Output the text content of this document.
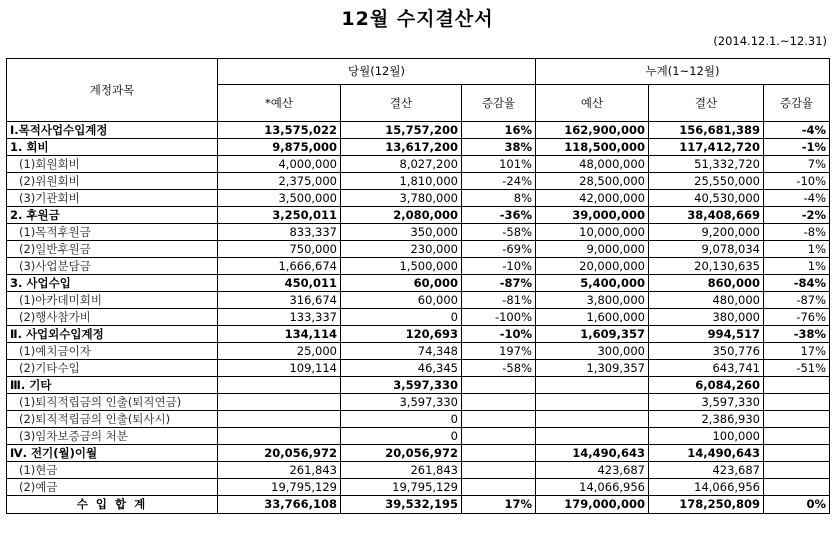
12월 수지결산서
(2014.12.1.~12.31)
계정과목	당월(12월)			누계(1~12월)		
	*예산	결산	증감율	예산	결산	증감율
Ⅰ.목적사업수입계정	13,575,022	15,757,200	16%	162,900,000	156,681,389	-4%
1. 회비	9,875,000	13,617,200	38%	118,500,000	117,412,720	-1%
(1)회원회비	4,000,000	8,027,200	101%	48,000,000	51,332,720	7%
(2)위원회비	2,375,000	1,810,000	-24%	28,500,000	25,550,000	-10%
(3)기관회비	3,500,000	3,780,000	8%	42,000,000	40,530,000	-4%
2. 후원금	3,250,011	2,080,000	-36%	39,000,000	38,408,669	-2%
(1)목적후원금	833,337	350,000	-58%	10,000,000	9,200,000	-8%
(2)일반후원금	750,000	230,000	-69%	9,000,000	9,078,034	1%
(3)사업분담금	1,666,674	1,500,000	-10%	20,000,000	20,130,635	1%
3. 사업수입	450,011	60,000	-87%	5,400,000	860,000	-84%
(1)아카데미회비	316,674	60,000	-81%	3,800,000	480,000	-87%
(2)행사참가비	133,337	0	-100%	1,600,000	380,000	-76%
Ⅱ. 사업외수입계정	134,114	120,693	-10%	1,609,357	994,517	-38%
(1)예치금이자	25,000	74,348	197%	300,000	350,776	17%
(2)기타수입	109,114	46,345	-58%	1,309,357	643,741	-51%
Ⅲ. 기타		3,597,330			6,084,260	
(1)퇴직적립금의 인출(퇴직연금)		3,597,330			3,597,330	
(2)퇴직적립금의 인출(퇴사시)		0			2,386,930	
(3)임차보증금의 처분		0			100,000	
Ⅳ. 전기(월)이월	20,056,972	20,056,972		14,490,643	14,490,643	
(1)현금	261,843	261,843		423,687	423,687	
(2)예금	19,795,129	19,795,129		14,066,956	14,066,956	
수 입 합 계	33,766,108	39,532,195	17%	179,000,000	178,250,809	0%
